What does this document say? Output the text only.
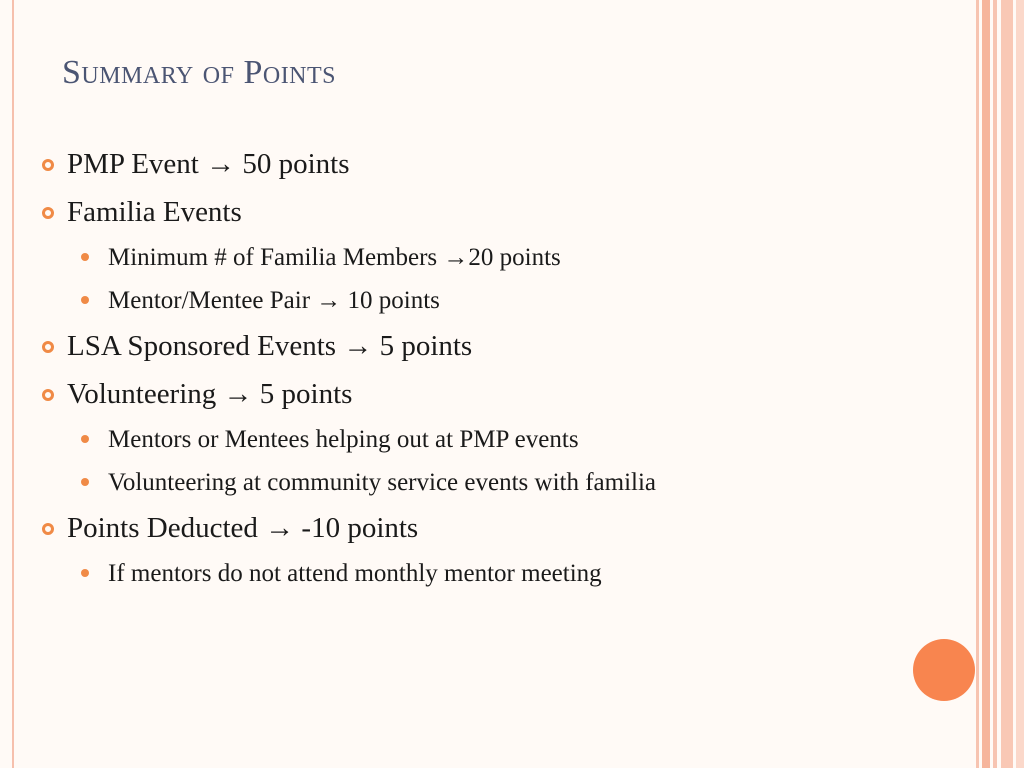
Summary of Points
PMP Event → 50 points
Familia Events
Minimum # of Familia Members →20 points
Mentor/Mentee Pair → 10 points
LSA Sponsored Events → 5 points
Volunteering → 5 points
Mentors or Mentees helping out at PMP events
Volunteering at community service events with familia
Points Deducted → -10 points
If mentors do not attend monthly mentor meeting
